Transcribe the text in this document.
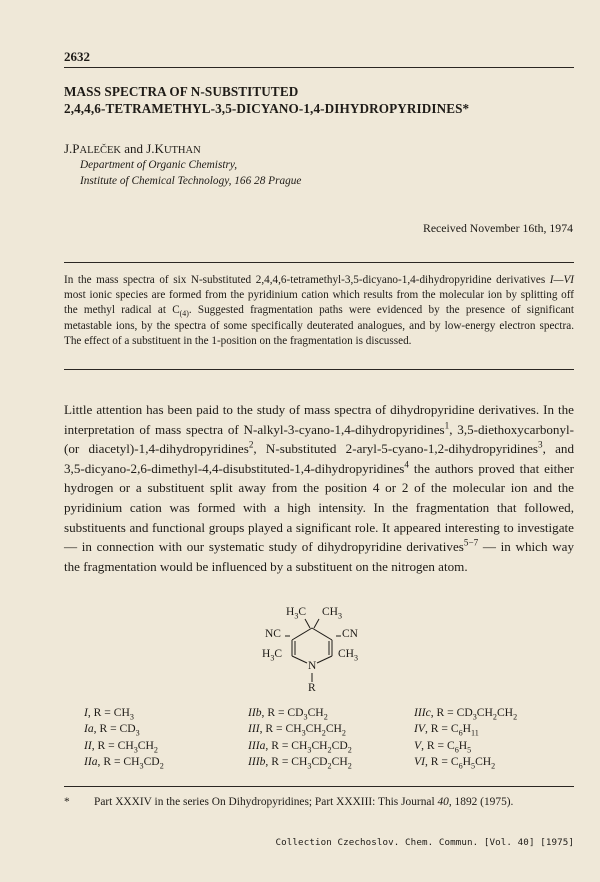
2632
MASS SPECTRA OF N-SUBSTITUTED
2,4,4,6-TETRAMETHYL-3,5-DICYANO-1,4-DIHYDROPYRIDINES*
J.PALEČEK and J.KUTHAN
Department of Organic Chemistry,
Institute of Chemical Technology, 166 28 Prague
Received November 16th, 1974
In the mass spectra of six N-substituted 2,4,4,6-tetramethyl-3,5-dicyano-1,4-dihydropyridine derivatives I—VI most ionic species are formed from the pyridinium cation which results from the molecular ion by splitting off the methyl radical at $C_{(4)}$. Suggested fragmentation paths were evidenced by the presence of significant metastable ions, by the spectra of some specifically deuterated analogues, and by low-energy electron spectra. The effect of a substituent in the 1-position on the fragmentation is discussed.
Little attention has been paid to the study of mass spectra of dihydropyridine derivatives. In the interpretation of mass spectra of N-alkyl-3-cyano-1,4-dihydropyridines$^1$, 3,5-diethoxycarbonyl-(or diacetyl)-1,4-dihydropyridines$^2$, N-substituted 2-aryl-5-cyano-1,2-dihydropyridines$^3$, and 3,5-dicyano-2,6-dimethyl-4,4-disubstituted-1,4-dihydropyridines$^4$ the authors proved that either hydrogen or a substituent split away from the position 4 or 2 of the molecular ion and the pyridinium cation was formed with a high intensity. In the fragmentation that followed, substituents and functional groups played a significant role. It appeared interesting to investigate — in connection with our systematic study of dihydropyridine derivatives$^{5-7}$ — in which way the fragmentation would be influenced by a substituent on the nitrogen atom.
$H_3C$ $CH_3$
NC	CN
$H_3C$	$CH_3$
N
R
I, $R = CH_3$
Ia, $R = CD_3$
II, $R = CH_3CH_2$
IIa, $R = CH_3CD_2$
IIb, $R = CD_3CH_2$
III, $R = CH_3CH_2CH_2$
IIIa, $R = CH_3CH_2CD_2$
IIIb, $R = CH_3CD_2CH_2$
IIIc, $R = CD_3CH_2CH_2$
IV, $R = C_6H_{11}$
V, $R = C_6H_5$
VI, $R = C_6H_5CH_2$
* Part XXXIV in the series On Dihydropyridines; Part XXXIII: This Journal 40, 1892 (1975).
Collection Czechoslov. Chem. Commun. [Vol. 40] [1975]
